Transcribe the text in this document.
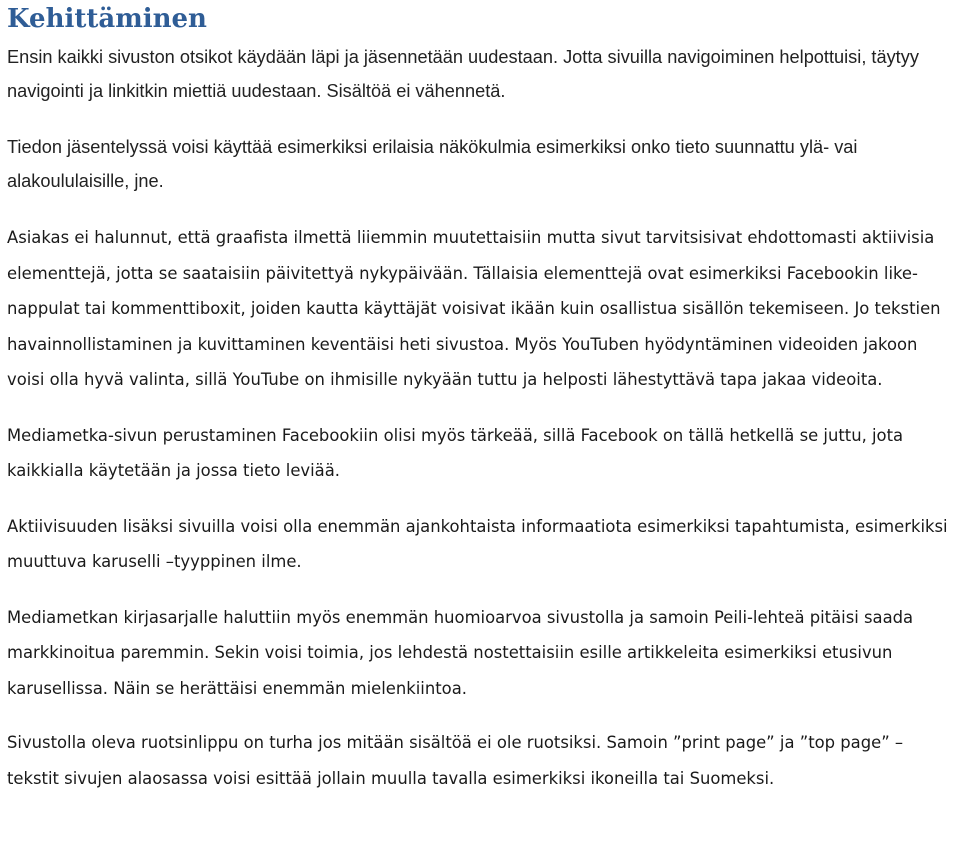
Kehittäminen

Ensin kaikki sivuston otsikot käydään läpi ja jäsennetään uudestaan. Jotta sivuilla navigoiminen helpottuisi, täytyy navigointi ja linkitkin miettiä uudestaan. Sisältöä ei vähennetä.

Tiedon jäsentelyssä voisi käyttää esimerkiksi erilaisia näkökulmia esimerkiksi onko tieto suunnattu ylä- vai alakoululaisille, jne.

Asiakas ei halunnut, että graafista ilmettä liiemmin muutettaisiin mutta sivut tarvitsisivat ehdottomasti aktiivisia elementtejä, jotta se saataisiin päivitettyä nykypäivään. Tällaisia elementtejä ovat esimerkiksi Facebookin like-nappulat tai kommenttiboxit, joiden kautta käyttäjät voisivat ikään kuin osallistua sisällön tekemiseen. Jo tekstien havainnollistaminen ja kuvittaminen keventäisi heti sivustoa. Myös YouTuben hyödyntäminen videoiden jakoon voisi olla hyvä valinta, sillä YouTube on ihmisille nykyään tuttu ja helposti lähestyttävä tapa jakaa videoita.

Mediametka-sivun perustaminen Facebookiin olisi myös tärkeää, sillä Facebook on tällä hetkellä se juttu, jota kaikkialla käytetään ja jossa tieto leviää.

Aktiivisuuden lisäksi sivuilla voisi olla enemmän ajankohtaista informaatiota esimerkiksi tapahtumista, esimerkiksi muuttuva karuselli –tyyppinen ilme.

Mediametkan kirjasarjalle haluttiin myös enemmän huomioarvoa sivustolla ja samoin Peili-lehteä pitäisi saada markkinoitua paremmin. Sekin voisi toimia, jos lehdestä nostettaisiin esille artikkeleita esimerkiksi etusivun karusellissa. Näin se herättäisi enemmän mielenkiintoa.

Sivustolla oleva ruotsinlippu on turha jos mitään sisältöä ei ole ruotsiksi. Samoin ”print page” ja ”top page” –tekstit sivujen alaosassa voisi esittää jollain muulla tavalla esimerkiksi ikoneilla tai Suomeksi.
